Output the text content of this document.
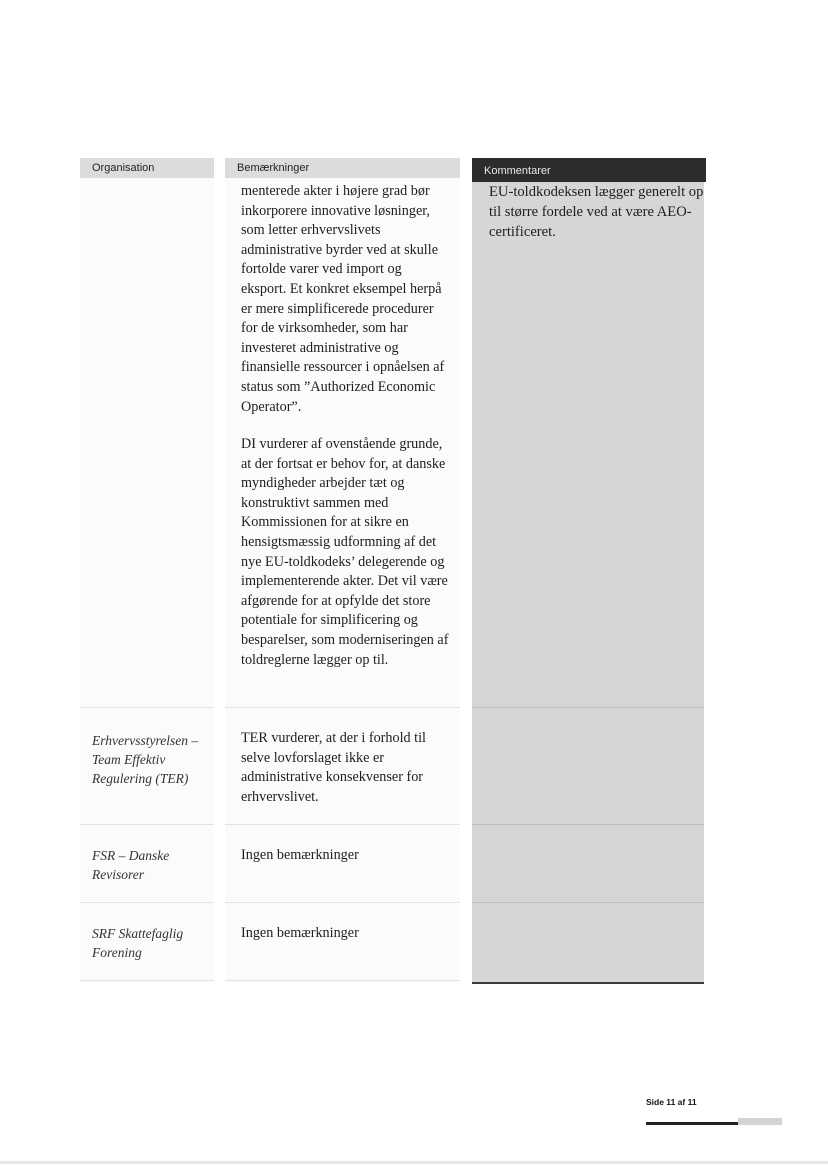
Organisation	Bemærkninger	Kommentarer

menterede akter i højere grad bør inkorporere innovative løsninger, som letter erhvervslivets administrative byrder ved at skulle fortolde varer ved import og eksport. Et konkret eksempel herpå er mere simplificerede procedurer for de virksomheder, som har investeret administrative og finansielle ressourcer i opnåelsen af status som ”Authorized Economic Operator”.

DI vurderer af ovenstående grunde, at der fortsat er behov for, at danske myndigheder arbejder tæt og konstruktivt sammen med Kommissionen for at sikre en hensigtsmæssig udformning af det nye EU-toldkodeks’ delegerende og implementerende akter. Det vil være afgørende for at opfylde det store potentiale for simplificering og besparelser, som moderniseringen af toldreglerne lægger op til.

EU-toldkodeksen lægger generelt op til større fordele ved at være AEO-certificeret.
Erhvervsstyrelsen – Team Effektiv Regulering (TER)
TER vurderer, at der i forhold til selve lovforslaget ikke er administrative konsekvenser for erhvervslivet.
FSR – Danske Revisorer
Ingen bemærkninger
SRF Skattefaglig Forening
Ingen bemærkninger
Side 11 af 11
